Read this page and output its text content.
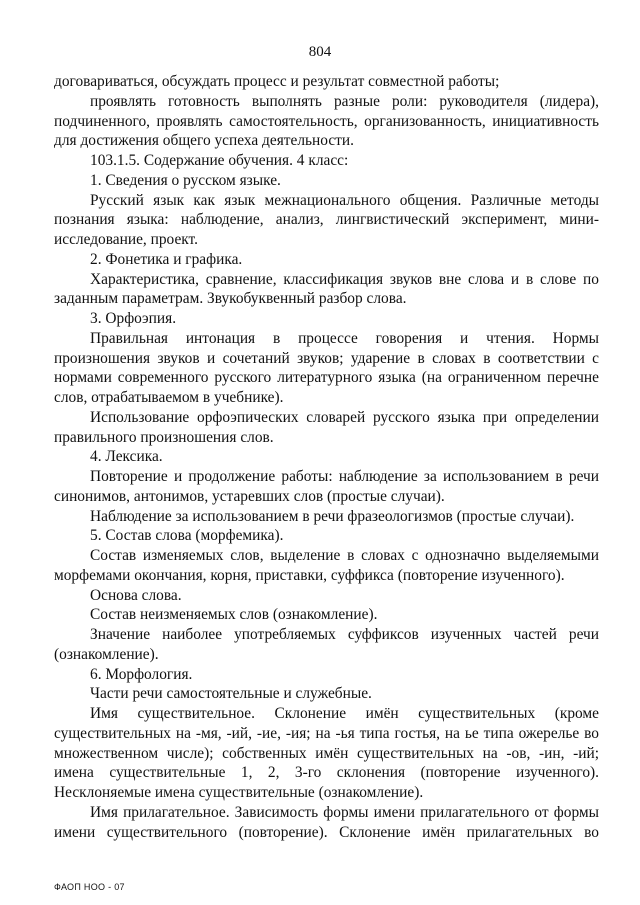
804

договариваться, обсуждать процесс и результат совместной работы;

проявлять готовность выполнять разные роли: руководителя (лидера), подчиненного, проявлять самостоятельность, организованность, инициативность для достижения общего успеха деятельности.

103.1.5. Содержание обучения. 4 класс:

1. Сведения о русском языке.

Русский язык как язык межнационального общения. Различные методы познания языка: наблюдение, анализ, лингвистический эксперимент, мини-исследование, проект.

2. Фонетика и графика.

Характеристика, сравнение, классификация звуков вне слова и в слове по заданным параметрам. Звукобуквенный разбор слова.

3. Орфоэпия.

Правильная интонация в процессе говорения и чтения. Нормы произношения звуков и сочетаний звуков; ударение в словах в соответствии с нормами современного русского литературного языка (на ограниченном перечне слов, отрабатываемом в учебнике).

Использование орфоэпических словарей русского языка при определении правильного произношения слов.

4. Лексика.

Повторение и продолжение работы: наблюдение за использованием в речи синонимов, антонимов, устаревших слов (простые случаи).

Наблюдение за использованием в речи фразеологизмов (простые случаи).

5. Состав слова (морфемика).

Состав изменяемых слов, выделение в словах с однозначно выделяемыми морфемами окончания, корня, приставки, суффикса (повторение изученного).

Основа слова.

Состав неизменяемых слов (ознакомление).

Значение наиболее употребляемых суффиксов изученных частей речи (ознакомление).

6. Морфология.

Части речи самостоятельные и служебные.

Имя существительное. Склонение имён существительных (кроме существительных на -мя, -ий, -ие, -ия; на -ья типа гостья, на ье типа ожерелье во множественном числе); собственных имён существительных на -ов, -ин, -ий; имена существительные 1, 2, 3-го склонения (повторение изученного). Несклоняемые имена существительные (ознакомление).

Имя прилагательное. Зависимость формы имени прилагательного от формы имени существительного (повторение). Склонение имён прилагательных во

ФАОП НОО - 07
